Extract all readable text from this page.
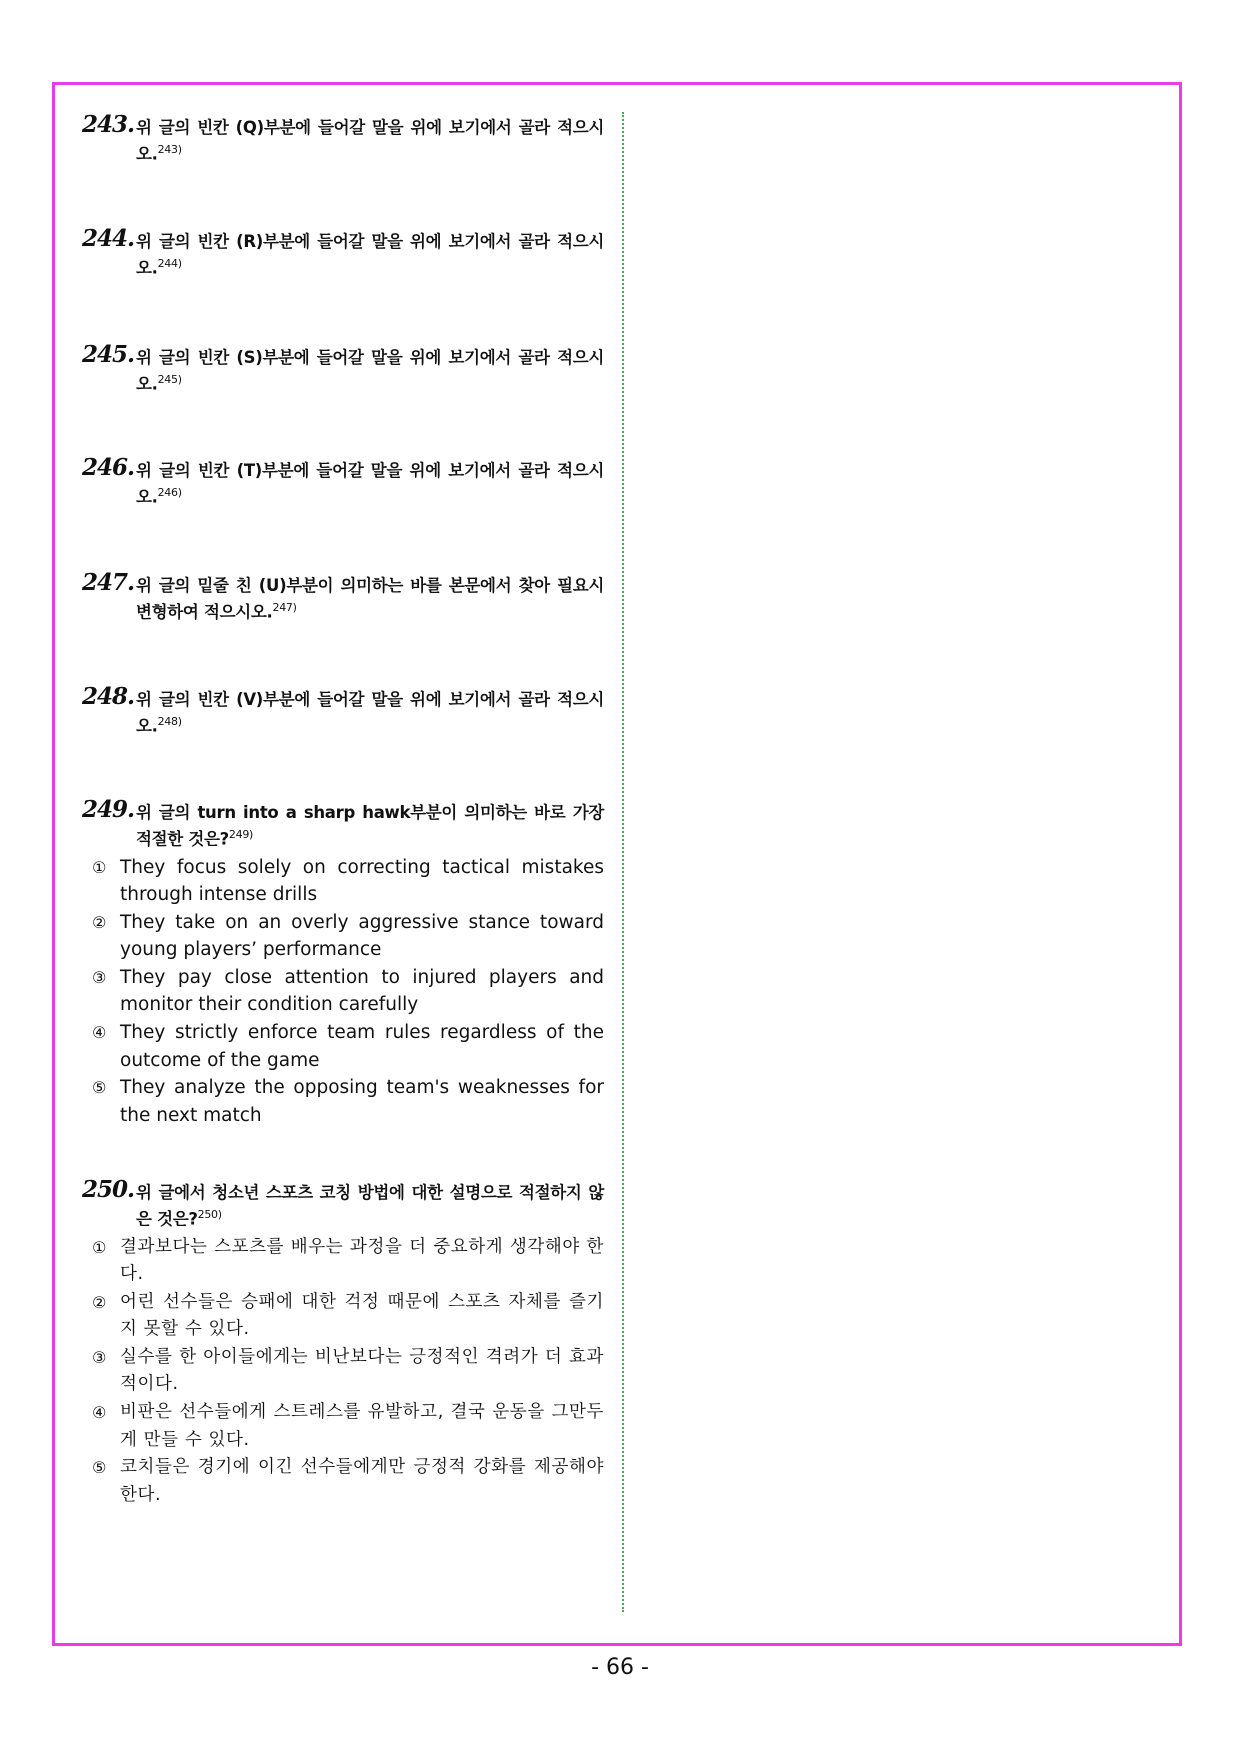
243. 위 글의 빈칸 (Q)부분에 들어갈 말을 위에 보기에서 골라 적으시오.$^{243)}$
244. 위 글의 빈칸 (R)부분에 들어갈 말을 위에 보기에서 골라 적으시오.$^{244)}$
245. 위 글의 빈칸 (S)부분에 들어갈 말을 위에 보기에서 골라 적으시오.$^{245)}$
246. 위 글의 빈칸 (T)부분에 들어갈 말을 위에 보기에서 골라 적으시오.$^{246)}$
247. 위 글의 밑줄 친 (U)부분이 의미하는 바를 본문에서 찾아 필요시 변형하여 적으시오.$^{247)}$
248. 위 글의 빈칸 (V)부분에 들어갈 말을 위에 보기에서 골라 적으시오.$^{248)}$
249. 위 글의 turn into a sharp hawk부분이 의미하는 바로 가장 적절한 것은?$^{249)}$
① They focus solely on correcting tactical mistakes through intense drills
② They take on an overly aggressive stance toward young players’ performance
③ They pay close attention to injured players and monitor their condition carefully
④ They strictly enforce team rules regardless of the outcome of the game
⑤ They analyze the opposing team's weaknesses for the next match
250. 위 글에서 청소년 스포츠 코칭 방법에 대한 설명으로 적절하지 않은 것은?$^{250)}$
① 결과보다는 스포츠를 배우는 과정을 더 중요하게 생각해야 한다.
② 어린 선수들은 승패에 대한 걱정 때문에 스포츠 자체를 즐기지 못할 수 있다.
③ 실수를 한 아이들에게는 비난보다는 긍정적인 격려가 더 효과적이다.
④ 비판은 선수들에게 스트레스를 유발하고, 결국 운동을 그만두게 만들 수 있다.
⑤ 코치들은 경기에 이긴 선수들에게만 긍정적 강화를 제공해야 한다.
- 66 -
